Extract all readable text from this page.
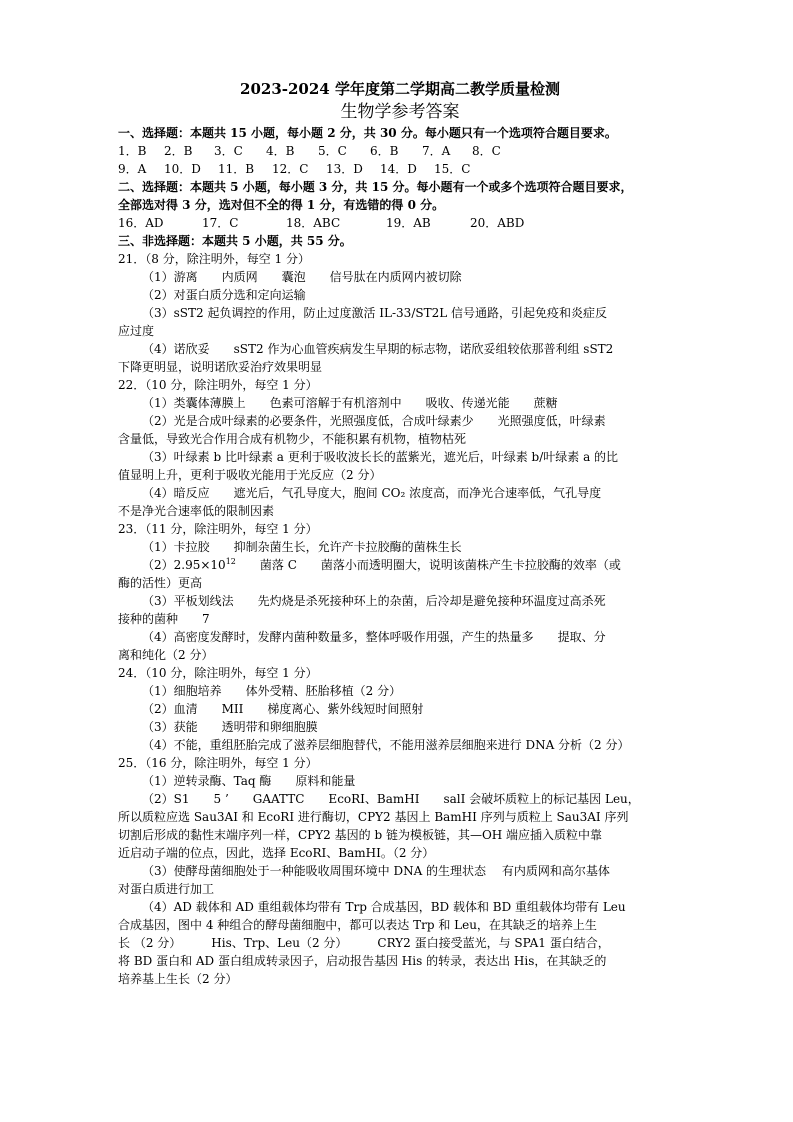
2023-2024 学年度第二学期高二教学质量检测
生物学参考答案
一、选择题：本题共 15 小题，每小题 2 分，共 30 分。每小题只有一个选项符合题目要求。
1．B 2．B 3．C 4．B 5．C 6．B 7．A 8．C
9．A 10．D 11．B 12．C 13．D 14．D 15．C
二、选择题：本题共 5 小题，每小题 3 分，共 15 分。每小题有一个或多个选项符合题目要求，
全部选对得 3 分，选对但不全的得 1 分，有选错的得 0 分。
16．AD	17．C	18．ABC	19．AB	20．ABD
三、非选择题：本题共 5 小题，共 55 分。
21．（8 分，除注明外，每空 1 分）
（1）游离　　内质网　　囊泡　　信号肽在内质网内被切除
（2）对蛋白质分选和定向运输
（3）sST2 起负调控的作用，防止过度激活 IL-33/ST2L 信号通路，引起免疫和炎症反
应过度
（4）诺欣妥　　sST2 作为心血管疾病发生早期的标志物，诺欣妥组较依那普利组 sST2
下降更明显，说明诺欣妥治疗效果明显
22．（10 分，除注明外，每空 1 分）
（1）类囊体薄膜上　　色素可溶解于有机溶剂中　　吸收、传递光能　　蔗糖
（2）光是合成叶绿素的必要条件，光照强度低，合成叶绿素少　　光照强度低，叶绿素
含量低，导致光合作用合成有机物少，不能积累有机物，植物枯死
（3）叶绿素 b 比叶绿素 a 更利于吸收波长长的蓝紫光，遮光后，叶绿素 b/叶绿素 a 的比
值显明上升，更利于吸收光能用于光反应（2 分）
（4）暗反应　　遮光后，气孔导度大，胞间 CO₂ 浓度高，而净光合速率低，气孔导度
不是净光合速率低的限制因素
23．（11 分，除注明外，每空 1 分）
（1）卡拉胶　　抑制杂菌生长，允许产卡拉胶酶的菌株生长
$(2)2.95\times 10^{12}$　　菌落 C　　菌落小而透明圈大，说明该菌株产生卡拉胶酶的效率（或
酶的活性）更高
（3）平板划线法　　先灼烧是杀死接种环上的杂菌，后冷却是避免接种环温度过高杀死
接种的菌种　　7
（4）高密度发酵时，发酵内菌种数量多，整体呼吸作用强，产生的热量多　　提取、分
离和纯化（2 分）
24．（10 分，除注明外，每空 1 分）
（1）细胞培养　　体外受精、胚胎移植（2 分）
（2）血清　　MII　　梯度离心、紫外线短时间照射
（3）获能　　透明带和卵细胞膜
（4）不能，重组胚胎完成了滋养层细胞替代，不能用滋养层细胞来进行 DNA 分析（2 分）
25．（16 分，除注明外，每空 1 分）
（1）逆转录酶、Taq 酶　　原料和能量
（2）S1　　5 ’　　GAATTC　　EcoRI、BamHI　　salI 会破坏质粒上的标记基因 Leu，
所以质粒应选 Sau3AI 和 EcoRI 进行酶切，CPY2 基因上 BamHI 序列与质粒上 Sau3AI 序列
切割后形成的黏性末端序列一样，CPY2 基因的 b 链为模板链，其—OH 端应插入质粒中靠
近启动子端的位点，因此，选择 EcoRI、BamHI。（2 分）
（3）使酵母菌细胞处于一种能吸收周围环境中 DNA 的生理状态　 有内质网和高尔基体
对蛋白质进行加工
（4）AD 载体和 AD 重组载体均带有 Trp 合成基因，BD 载体和 BD 重组载体均带有 Leu
合成基因，图中 4 种组合的酵母菌细胞中，都可以表达 Trp 和 Leu，在其缺乏的培养上生
长 （2 分）　　　His、Trp、Leu（2 分）　　　CRY2 蛋白接受蓝光，与 SPA1 蛋白结合，
将 BD 蛋白和 AD 蛋白组成转录因子，启动报告基因 His 的转录，表达出 His，在其缺乏的
培养基上生长（2 分）
